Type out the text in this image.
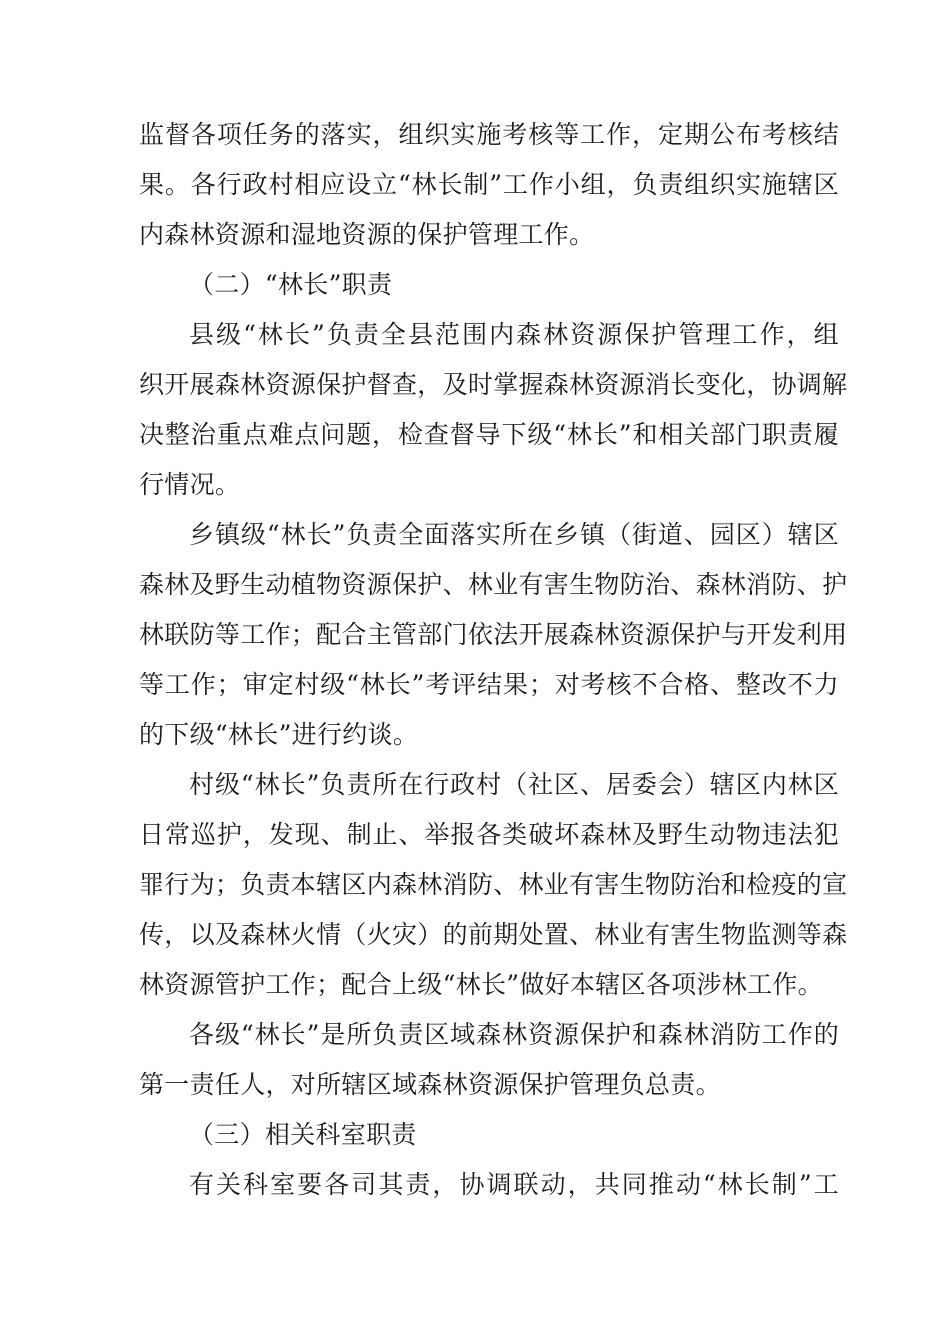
监督各项任务的落实，组织实施考核等工作，定期公布考核结
果。各行政村相应设立“林长制”工作小组，负责组织实施辖区
内森林资源和湿地资源的保护管理工作。
（二）“林长”职责
县级“林长”负责全县范围内森林资源保护管理工作，组
织开展森林资源保护督查，及时掌握森林资源消长变化，协调解
决整治重点难点问题，检查督导下级“林长”和相关部门职责履
行情况。
乡镇级“林长”负责全面落实所在乡镇（街道、园区）辖区
森林及野生动植物资源保护、林业有害生物防治、森林消防、护
林联防等工作；配合主管部门依法开展森林资源保护与开发利用
等工作；审定村级“林长”考评结果；对考核不合格、整改不力
的下级“林长”进行约谈。
村级“林长”负责所在行政村（社区、居委会）辖区内林区
日常巡护，发现、制止、举报各类破坏森林及野生动物违法犯
罪行为；负责本辖区内森林消防、林业有害生物防治和检疫的宣
传，以及森林火情（火灾）的前期处置、林业有害生物监测等森
林资源管护工作；配合上级“林长”做好本辖区各项涉林工作。
各级“林长”是所负责区域森林资源保护和森林消防工作的
第一责任人，对所辖区域森林资源保护管理负总责。
（三）相关科室职责
有关科室要各司其责，协调联动，共同推动“林长制”工
